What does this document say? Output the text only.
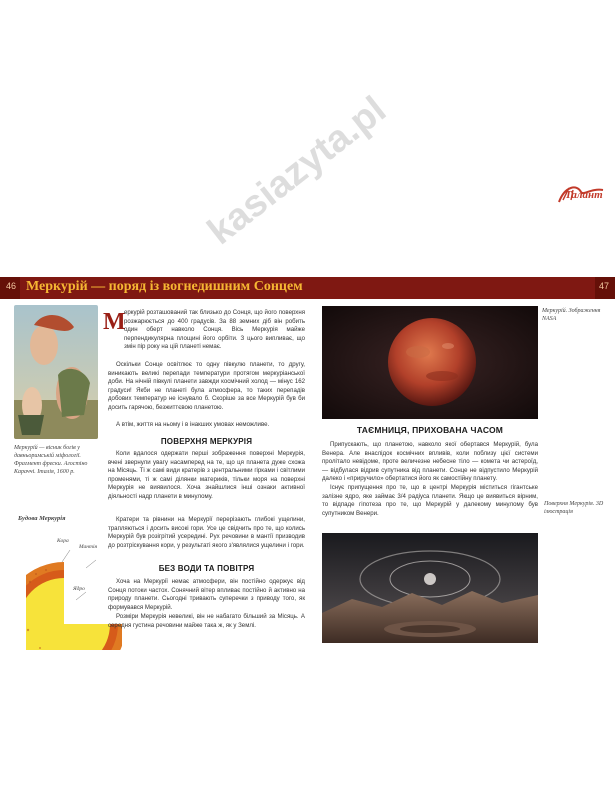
Талант
46	47
Меркурій — поряд із вогнедишним Сонцем
Меркурій — вісник богів у давньоримській міфології. Фрагмент фрески. Агостіно Караччі. Італія, 1600 р.
М
еркурій розташований так близько до Сонця, що його поверхня розжарюється до 400 градусів. За 88 земних діб він робить один оберт навколо Сонця. Вісь Меркурія майже перпендикулярна площині його орбіти. З цього випливає, що змін пір року на цій планеті немає.
Оскільки Сонце освітлює то одну півкулю планети, то другу, виникають великі перепади температури протягом меркуріанської доби. На нічній півкулі планети завжди космічний холод — мінус 162 градуси! Якби не планеті була атмосфера, то таких перепадів добових температур не існувало б. Скоріше за все Меркурій був би досить гарячою, безжиттєвою планетою.
А втім, життя на ньому і в інакших умовах неможливе.
ПОВЕРХНЯ МЕРКУРІЯ
Коли вдалося одержати перші зображення поверхні Меркурія, вчені звернули увагу насамперед на те, що ця планета дуже схожа на Місяць. Ті ж самі види кратерів з центральними гірками і світлими променями, ті ж самі ділянки материків, тільки моря на поверхні Меркурія не виявилося. Хоча знайшлися інші ознаки активної діяльності надр планети в минулому.
Кратери та рівнини на Меркурії перерізають глибокі ущелини, трапляються і досить високі гори. Усе це свідчить про те, що колись Меркурій був розігрітий усередині. Рух речовини в мантії призводив до розтріскування кори, у результаті якого з'являлися ущелини і гори.
Будова Меркурія
Кора
Мантія
Ядро
БЕЗ ВОДИ ТА ПОВІТРЯ
Хоча на Меркурії немає атмосфери, він постійно одержує від Сонця потоки частох. Сонячний вітер впливає постійно й активно на природу планети. Сьогодні тривають суперечки з приводу того, як формувався Меркурій.
Розміри Меркурія невеликі, він не набагато більший за Місяць. А середня густина речовини майже така ж, як у Землі.
Меркурій. Зображення NASA
ТАЄМНИЦЯ, ПРИХОВАНА ЧАСОМ
Припускають, що планетою, навколо якої обертався Меркурій, була Венера. Але внаслідок космічних впливів, коли поблизу цієї системи пролітало невідоме, проте величезне небесне тіло — комета чи астероїд, — відбулася відрив супутника від планети. Сонце не відпустило Меркурій далеко і «приручило» обертатися його як самостійну планету.
Існує припущення про те, що в центрі Меркурія міститься гігантське залізне ядро, яке займає 3/4 радіуса планети. Якщо це виявиться вірним, то відпаде гіпотеза про те, що Меркурій у далекому минулому був супутником Венери.
Поверхня Меркурія. 3D ілюстрація
kasiazyta.pl
